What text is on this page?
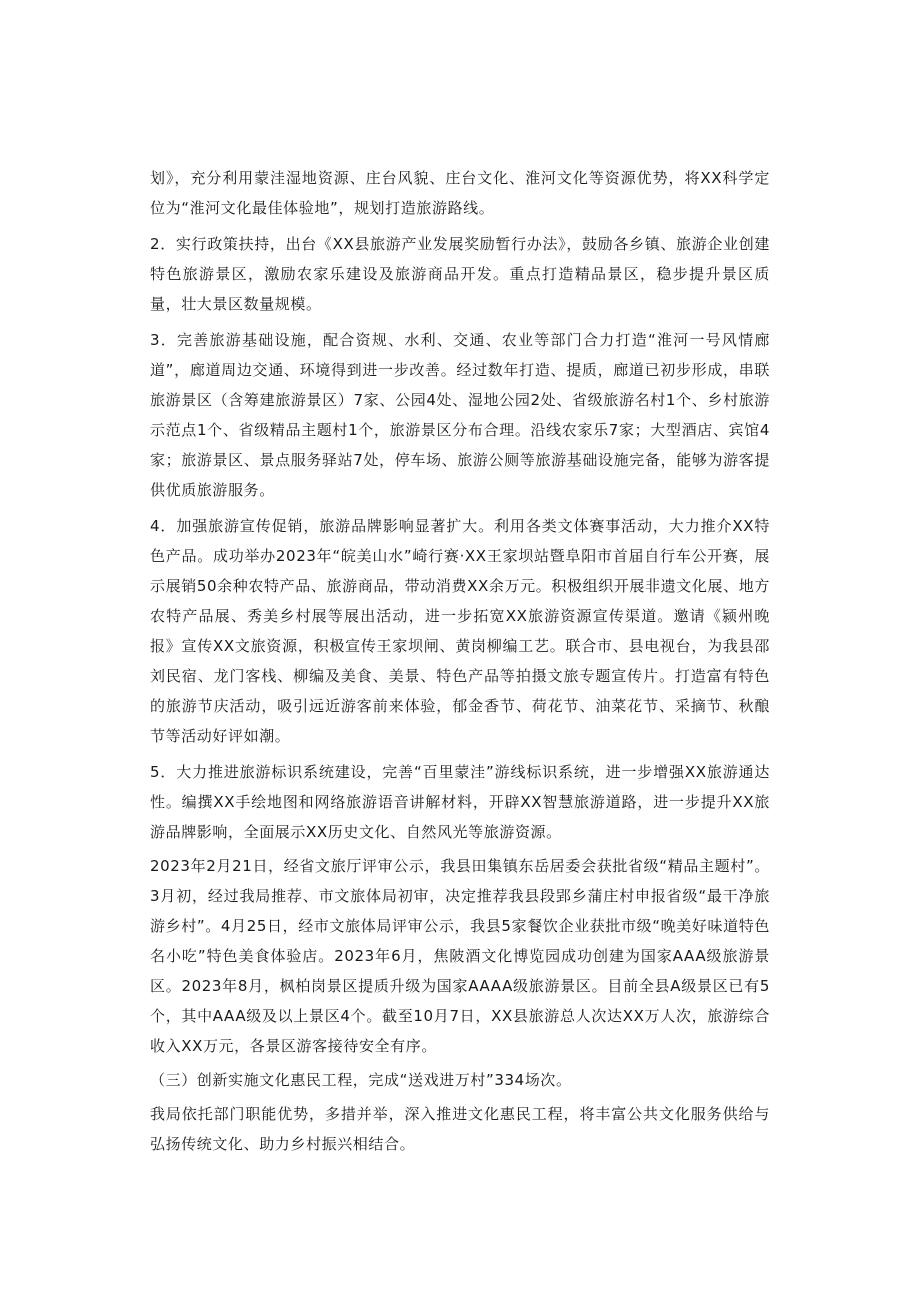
划》，充分利用蒙洼湿地资源、庄台风貌、庄台文化、淮河文化等资源优势，将XX科学定位为“淮河文化最佳体验地”，规划打造旅游路线。

2．实行政策扶持，出台《XX县旅游产业发展奖励暂行办法》，鼓励各乡镇、旅游企业创建特色旅游景区，激励农家乐建设及旅游商品开发。重点打造精品景区，稳步提升景区质量，壮大景区数量规模。

3．完善旅游基础设施，配合资规、水利、交通、农业等部门合力打造“淮河一号风情廊道”，廊道周边交通、环境得到进一步改善。经过数年打造、提质，廊道已初步形成，串联旅游景区（含筹建旅游景区）7家、公园4处、湿地公园2处、省级旅游名村1个、乡村旅游示范点1个、省级精品主题村1个，旅游景区分布合理。沿线农家乐7家；大型酒店、宾馆4家；旅游景区、景点服务驿站7处，停车场、旅游公厕等旅游基础设施完备，能够为游客提供优质旅游服务。

4．加强旅游宣传促销，旅游品牌影响显著扩大。利用各类文体赛事活动，大力推介XX特色产品。成功举办2023年“皖美山水”崎行赛·XX王家坝站暨阜阳市首届自行车公开赛，展示展销50余种农特产品、旅游商品，带动消费XX余万元。积极组织开展非遗文化展、地方农特产品展、秀美乡村展等展出活动，进一步拓宽XX旅游资源宣传渠道。邀请《颍州晚报》宣传XX文旅资源，积极宣传王家坝闸、黄岗柳编工艺。联合市、县电视台，为我县邵刘民宿、龙门客栈、柳编及美食、美景、特色产品等拍摄文旅专题宣传片。打造富有特色的旅游节庆活动，吸引远近游客前来体验，郁金香节、荷花节、油菜花节、采摘节、秋酿节等活动好评如潮。

5．大力推进旅游标识系统建设，完善“百里蒙洼”游线标识系统，进一步增强XX旅游通达性。编撰XX手绘地图和网络旅游语音讲解材料，开辟XX智慧旅游道路，进一步提升XX旅游品牌影响，全面展示XX历史文化、自然风光等旅游资源。

2023年2月21日，经省文旅厅评审公示，我县田集镇东岳居委会获批省级“精品主题村”。3月初，经过我局推荐、市文旅体局初审，决定推荐我县段郢乡蒲庄村申报省级“最干净旅游乡村”。4月25日，经市文旅体局评审公示，我县5家餐饮企业获批市级“晚美好味道特色名小吃”特色美食体验店。2023年6月，焦陂酒文化博览园成功创建为国家AAA级旅游景区。2023年8月，枫柏岗景区提质升级为国家AAAA级旅游景区。目前全县A级景区已有5个，其中AAA级及以上景区4个。截至10月7日，XX县旅游总人次达XX万人次，旅游综合收入XX万元，各景区游客接待安全有序。

（三）创新实施文化惠民工程，完成“送戏进万村”334场次。

我局依托部门职能优势，多措并举，深入推进文化惠民工程，将丰富公共文化服务供给与弘扬传统文化、助力乡村振兴相结合。
